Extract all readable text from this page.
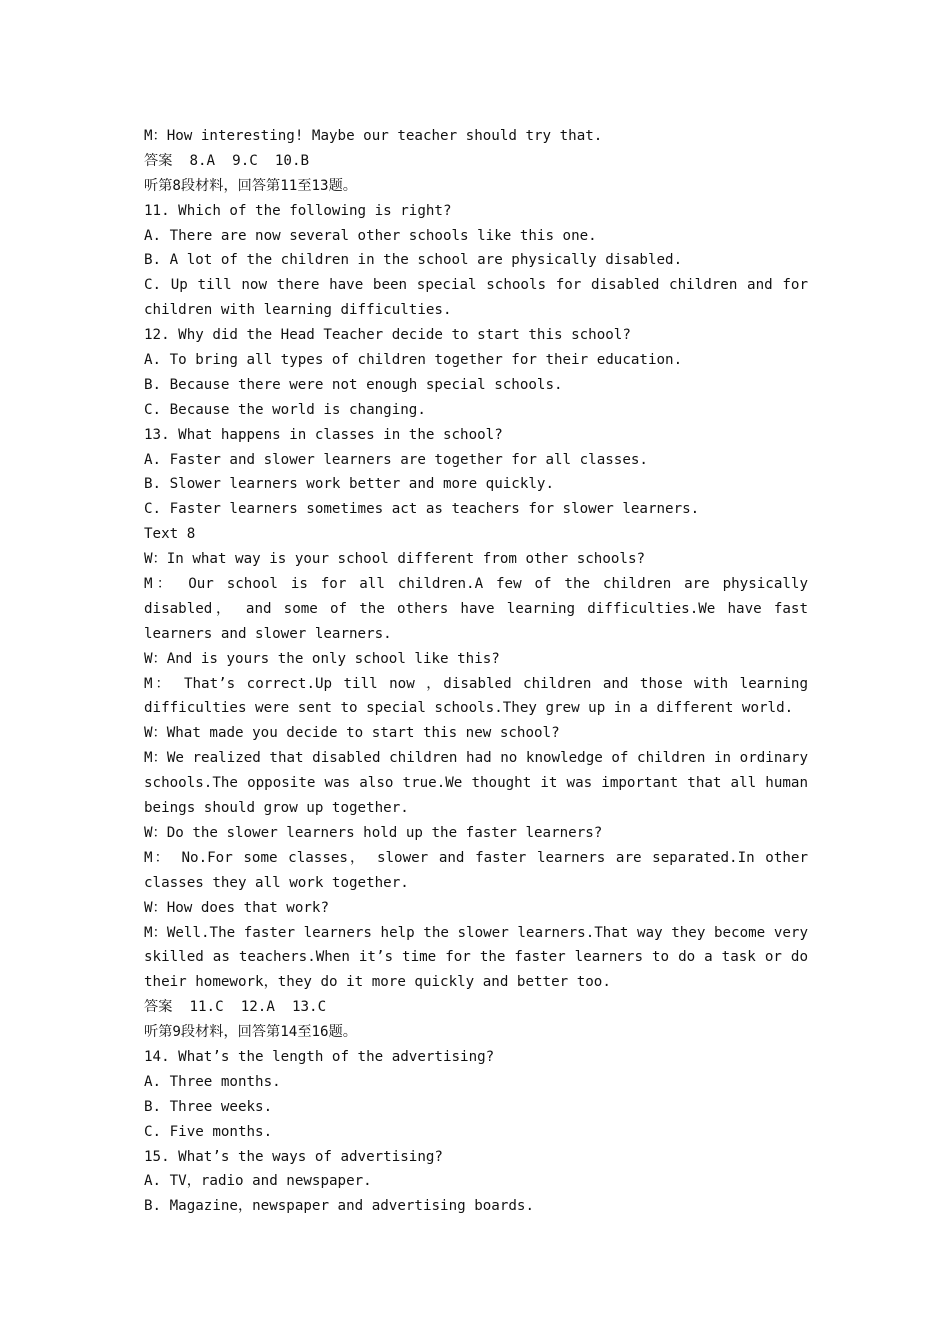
M：How interesting! Maybe our teacher should try that.
答案  8.A  9.C  10.B
听第8段材料，回答第11至13题。
11. Which of the following is right?
A. There are now several other schools like this one.
B. A lot of the children in the school are physically disabled.
C. Up till now there have been special schools for disabled children and for
children with learning difficulties.
12. Why did the Head Teacher decide to start this school?
A. To bring all types of children together for their education.
B. Because there were not enough special schools.
C. Because the world is changing.
13. What happens in classes in the school?
A. Faster and slower learners are together for all classes.
B. Slower learners work better and more quickly.
C. Faster learners sometimes act as teachers for slower learners.
Text 8
W：In what way is your school different from other schools?
M： Our school is for all children.A few of the children are physically
disabled， and some of the others have learning difficulties.We have fast
learners and slower learners.
W：And is yours the only school like this?
M： That’s correct.Up till now ，disabled children and those with learning
difficulties were sent to special schools.They grew up in a different world.
W：What made you decide to start this new school?
M：We realized that disabled children had no knowledge of children in ordinary
schools.The opposite was also true.We thought it was important that all human
beings should grow up together.
W：Do the slower learners hold up the faster learners?
M： No.For some classes， slower and faster learners are separated.In other
classes they all work together.
W：How does that work?
M：Well.The faster learners help the slower learners.That way they become very
skilled as teachers.When it’s time for the faster learners to do a task or do
their homework，they do it more quickly and better too.
答案  11.C  12.A  13.C
听第9段材料，回答第14至16题。
14. What’s the length of the advertising?
A. Three months.
B. Three weeks.
C. Five months.
15. What’s the ways of advertising?
A. TV，radio and newspaper.
B. Magazine，newspaper and advertising boards.
